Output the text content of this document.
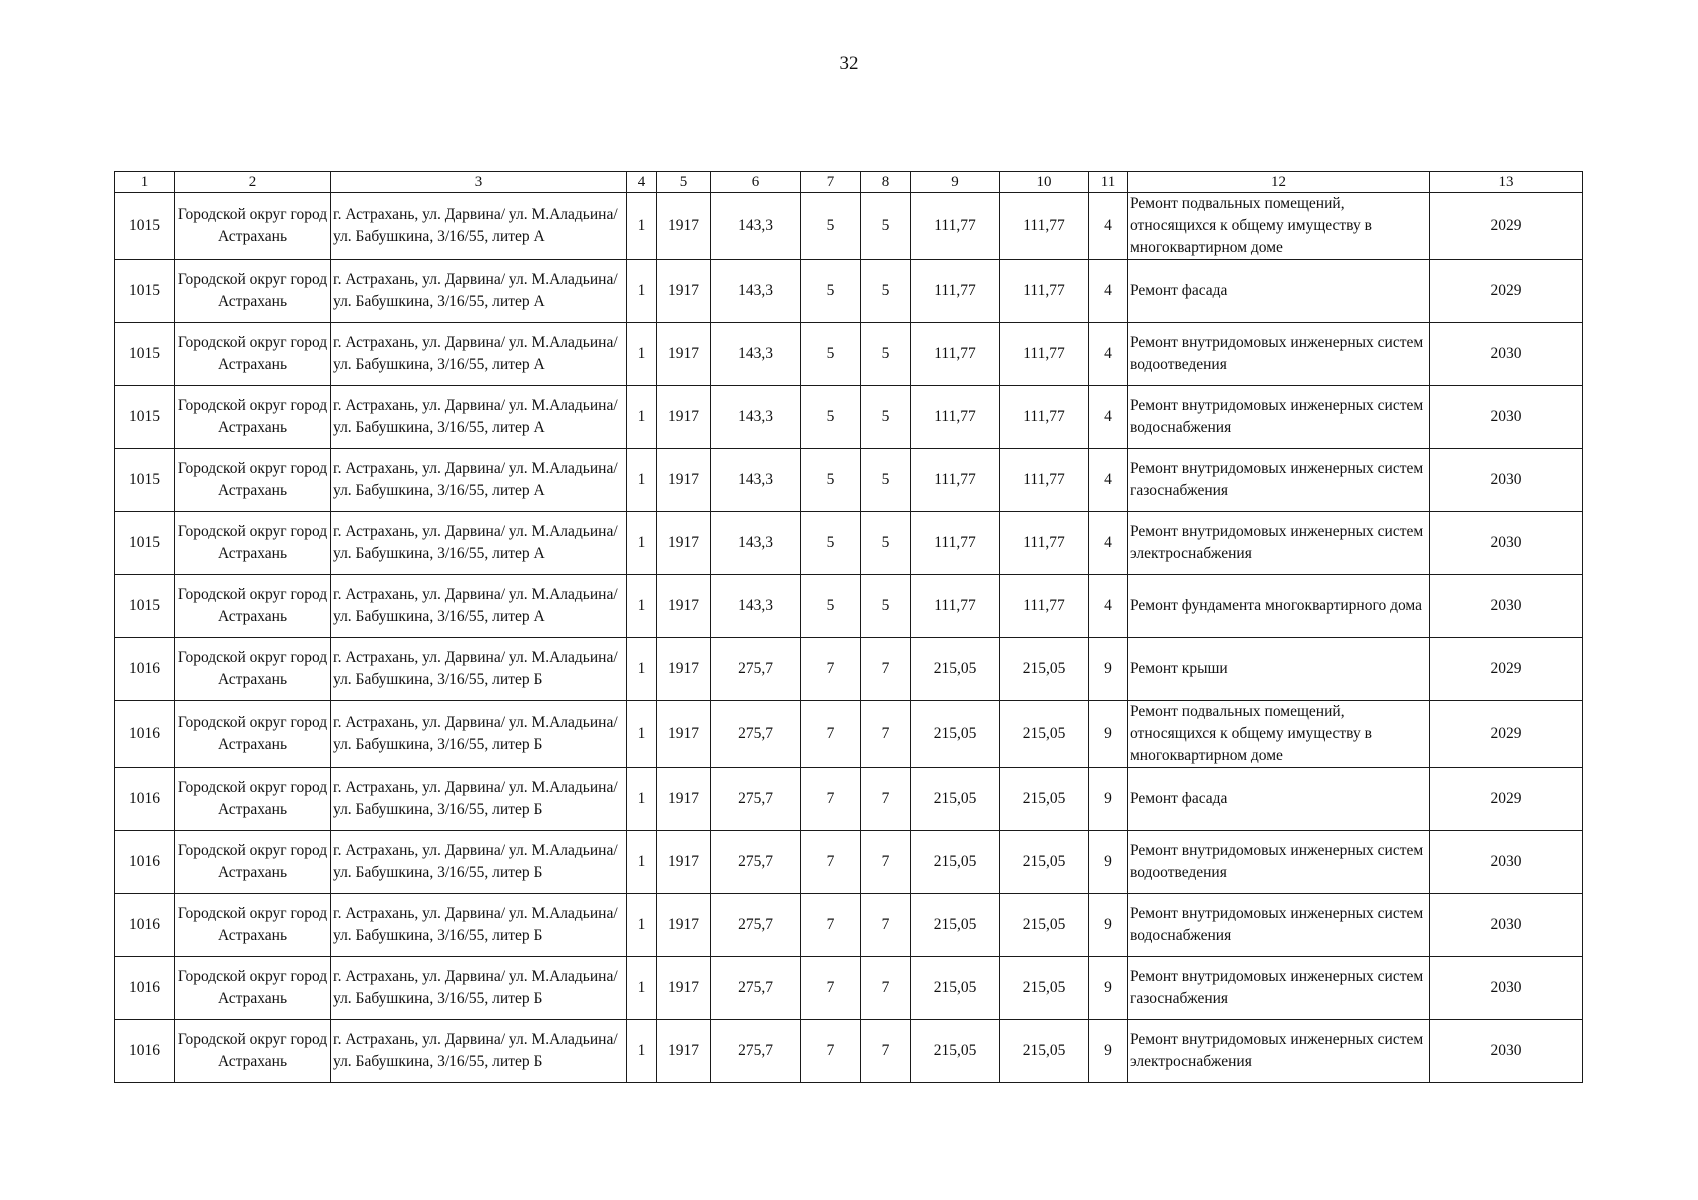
32
1	2	3	4	5	6	7	8	9	10	11	12	13
1015	Городской округ город Астрахань	г. Астрахань, ул. Дарвина/ ул. М.Аладьина/ ул. Бабушкина, 3/16/55, литер А	1	1917	143,3	5	5	111,77	111,77	4	Ремонт подвальных помещений, относящихся к общему имуществу в многоквартирном доме	2029
1015	Городской округ город Астрахань	г. Астрахань, ул. Дарвина/ ул. М.Аладьина/ ул. Бабушкина, 3/16/55, литер А	1	1917	143,3	5	5	111,77	111,77	4	Ремонт фасада	2029
1015	Городской округ город Астрахань	г. Астрахань, ул. Дарвина/ ул. М.Аладьина/ ул. Бабушкина, 3/16/55, литер А	1	1917	143,3	5	5	111,77	111,77	4	Ремонт внутридомовых инженерных систем водоотведения	2030
1015	Городской округ город Астрахань	г. Астрахань, ул. Дарвина/ ул. М.Аладьина/ ул. Бабушкина, 3/16/55, литер А	1	1917	143,3	5	5	111,77	111,77	4	Ремонт внутридомовых инженерных систем водоснабжения	2030
1015	Городской округ город Астрахань	г. Астрахань, ул. Дарвина/ ул. М.Аладьина/ ул. Бабушкина, 3/16/55, литер А	1	1917	143,3	5	5	111,77	111,77	4	Ремонт внутридомовых инженерных систем газоснабжения	2030
1015	Городской округ город Астрахань	г. Астрахань, ул. Дарвина/ ул. М.Аладьина/ ул. Бабушкина, 3/16/55, литер А	1	1917	143,3	5	5	111,77	111,77	4	Ремонт внутридомовых инженерных систем электроснабжения	2030
1015	Городской округ город Астрахань	г. Астрахань, ул. Дарвина/ ул. М.Аладьина/ ул. Бабушкина, 3/16/55, литер А	1	1917	143,3	5	5	111,77	111,77	4	Ремонт фундамента многоквартирного дома	2030
1016	Городской округ город Астрахань	г. Астрахань, ул. Дарвина/ ул. М.Аладьина/ ул. Бабушкина, 3/16/55, литер Б	1	1917	275,7	7	7	215,05	215,05	9	Ремонт крыши	2029
1016	Городской округ город Астрахань	г. Астрахань, ул. Дарвина/ ул. М.Аладьина/ ул. Бабушкина, 3/16/55, литер Б	1	1917	275,7	7	7	215,05	215,05	9	Ремонт подвальных помещений, относящихся к общему имуществу в многоквартирном доме	2029
1016	Городской округ город Астрахань	г. Астрахань, ул. Дарвина/ ул. М.Аладьина/ ул. Бабушкина, 3/16/55, литер Б	1	1917	275,7	7	7	215,05	215,05	9	Ремонт фасада	2029
1016	Городской округ город Астрахань	г. Астрахань, ул. Дарвина/ ул. М.Аладьина/ ул. Бабушкина, 3/16/55, литер Б	1	1917	275,7	7	7	215,05	215,05	9	Ремонт внутридомовых инженерных систем водоотведения	2030
1016	Городской округ город Астрахань	г. Астрахань, ул. Дарвина/ ул. М.Аладьина/ ул. Бабушкина, 3/16/55, литер Б	1	1917	275,7	7	7	215,05	215,05	9	Ремонт внутридомовых инженерных систем водоснабжения	2030
1016	Городской округ город Астрахань	г. Астрахань, ул. Дарвина/ ул. М.Аладьина/ ул. Бабушкина, 3/16/55, литер Б	1	1917	275,7	7	7	215,05	215,05	9	Ремонт внутридомовых инженерных систем газоснабжения	2030
1016	Городской округ город Астрахань	г. Астрахань, ул. Дарвина/ ул. М.Аладьина/ ул. Бабушкина, 3/16/55, литер Б	1	1917	275,7	7	7	215,05	215,05	9	Ремонт внутридомовых инженерных систем электроснабжения	2030
